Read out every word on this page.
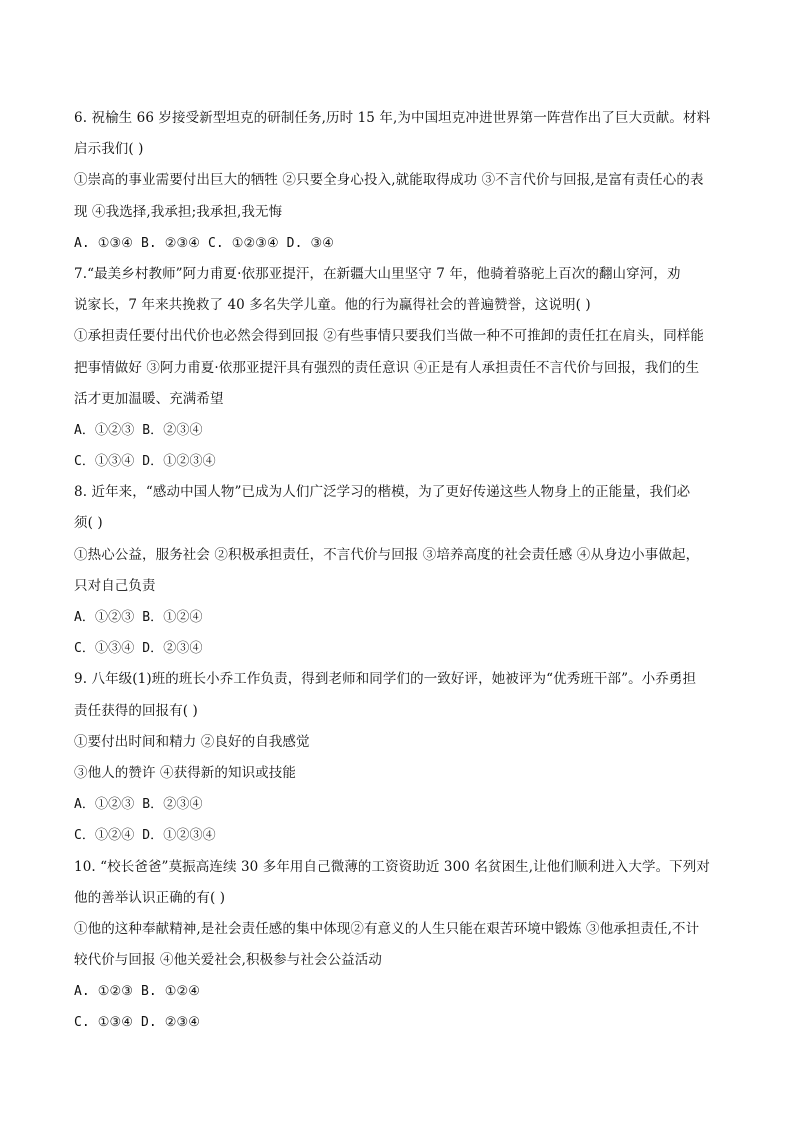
6. 祝榆生 66 岁接受新型坦克的研制任务,历时 15 年,为中国坦克冲进世界第一阵营作出了巨大贡献。材料
启示我们( )
①崇高的事业需要付出巨大的牺牲 ②只要全身心投入,就能取得成功 ③不言代价与回报,是富有责任心的表
现 ④我选择,我承担;我承担,我无悔
A. ①③④ B. ②③④ C. ①②③④ D. ③④
7.“最美乡村教师”阿力甫夏·依那亚提汗，在新疆大山里坚守 7 年，他骑着骆驼上百次的翻山穿河，劝
说家长，7 年来共挽救了 40 多名失学儿童。他的行为赢得社会的普遍赞誉，这说明( )
①承担责任要付出代价也必然会得到回报 ②有些事情只要我们当做一种不可推卸的责任扛在肩头，同样能
把事情做好 ③阿力甫夏·依那亚提汗具有强烈的责任意识 ④正是有人承担责任不言代价与回报，我们的生
活才更加温暖、充满希望
A．①②③ B．②③④
C．①③④ D．①②③④
8. 近年来，“感动中国人物”已成为人们广泛学习的楷模，为了更好传递这些人物身上的正能量，我们必
须( )
①热心公益，服务社会 ②积极承担责任，不言代价与回报 ③培养高度的社会责任感 ④从身边小事做起，
只对自己负责
A．①②③ B．①②④
C．①③④ D．②③④
9. 八年级(1)班的班长小乔工作负责，得到老师和同学们的一致好评，她被评为“优秀班干部”。小乔勇担
责任获得的回报有( )
①要付出时间和精力 ②良好的自我感觉
③他人的赞许 ④获得新的知识或技能
A．①②③ B．②③④
C．①②④ D．①②③④
10. “校长爸爸”莫振高连续 30 多年用自己微薄的工资资助近 300 名贫困生,让他们顺利进入大学。下列对
他的善举认识正确的有( )
①他的这种奉献精神,是社会责任感的集中体现②有意义的人生只能在艰苦环境中锻炼 ③他承担责任,不计
较代价与回报 ④他关爱社会,积极参与社会公益活动
A. ①②③ B. ①②④
C. ①③④ D. ②③④
